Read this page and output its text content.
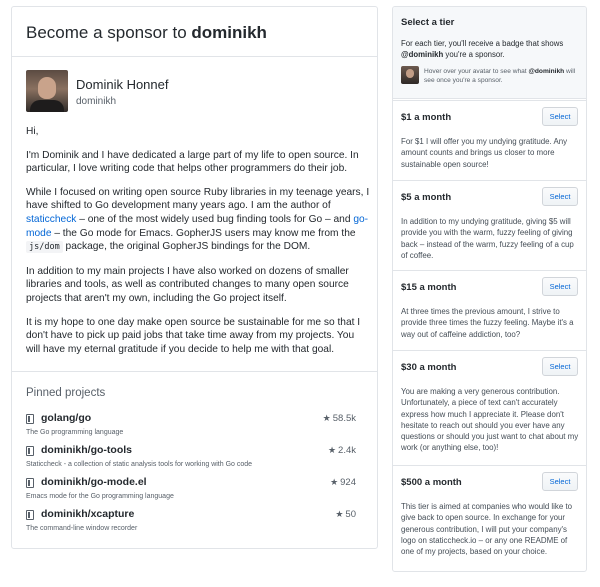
Become a sponsor to dominikh
Dominik Honnef
dominikh

Hi,

I'm Dominik and I have dedicated a large part of my life to open source. In particular, I love writing code that helps other programmers do their job.

While I focused on writing open source Ruby libraries in my teenage years, I have shifted to Go development many years ago. I am the author of staticcheck – one of the most widely used bug finding tools for Go – and go-mode – the Go mode for Emacs. GopherJS users may know me from the js/dom package, the original GopherJS bindings for the DOM.

In addition to my main projects I have also worked on dozens of smaller libraries and tools, as well as contributed changes to many open source projects that aren't my own, including the Go project itself.

It is my hope to one day make open source be sustainable for me so that I don't have to pick up paid jobs that take time away from my projects. You will have my eternal gratitude if you decide to help me with that goal.

Pinned projects
golang/go	★ 58.5k
The Go programming language
dominikh/go-tools	★ 2.4k
Staticcheck - a collection of static analysis tools for working with Go code
dominikh/go-mode.el	★ 924
Emacs mode for the Go programming language
dominikh/xcapture	★ 50
The command-line window recorder
Select a tier
For each tier, you'll receive a badge that shows @dominikh you're a sponsor.
Hover over your avatar to see what @dominikh will see once you're a sponsor.
$1 a month	Select
For $1 I will offer you my undying gratitude. Any amount counts and brings us closer to more sustainable open source!
$5 a month	Select
In addition to my undying gratitude, giving $5 will provide you with the warm, fuzzy feeling of giving back – instead of the warm, fuzzy feeling of a cup of coffee.
$15 a month	Select
At three times the previous amount, I strive to provide three times the fuzzy feeling. Maybe it's a way out of caffeine addiction, too?
$30 a month	Select
You are making a very generous contribution. Unfortunately, a piece of text can't accurately express how much I appreciate it. Please don't hesitate to reach out should you ever have any questions or should you just want to chat about my work (or anything else, too)!
$500 a month	Select
This tier is aimed at companies who would like to give back to open source. In exchange for your generous contribution, I will put your company's logo on staticcheck.io – or any one README of one of my projects, based on your choice.
